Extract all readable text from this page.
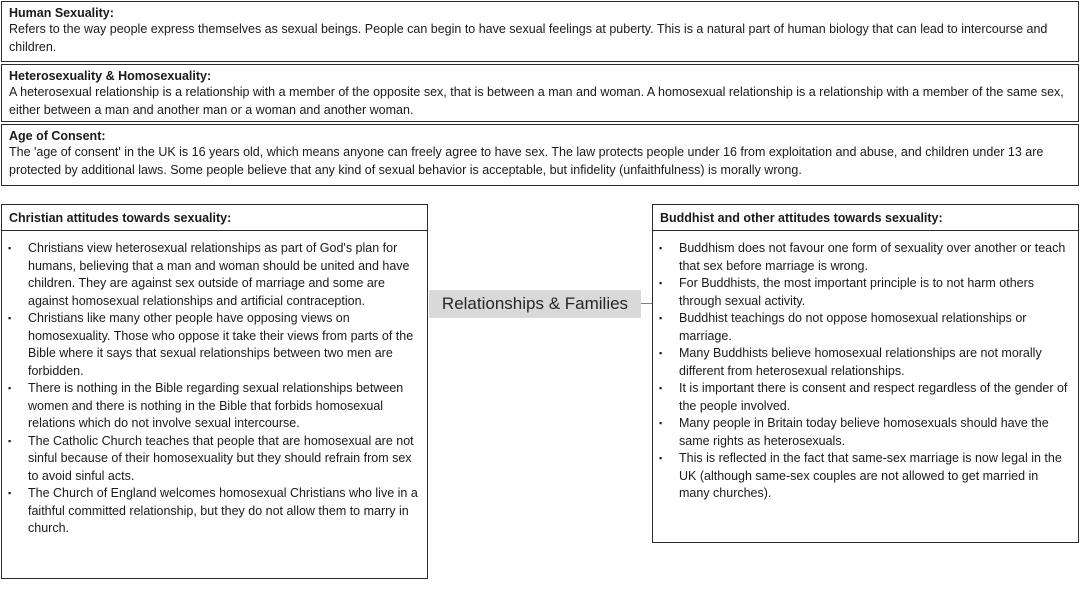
Human Sexuality:

Refers to the way people express themselves as sexual beings. People can begin to have sexual feelings at puberty. This is a natural part of human biology that can lead to intercourse and children.

Heterosexuality & Homosexuality:

A heterosexual relationship is a relationship with a member of the opposite sex, that is between a man and woman. A homosexual relationship is a relationship with a member of the same sex, either between a man and another man or a woman and another woman.

Age of Consent:

The 'age of consent' in the UK is 16 years old, which means anyone can freely agree to have sex. The law protects people under 16 from exploitation and abuse, and children under 13 are protected by additional laws. Some people believe that any kind of sexual behavior is acceptable, but infidelity (unfaithfulness) is morally wrong.

Christian attitudes towards sexuality:
▪ Christians view heterosexual relationships as part of God's plan for humans, believing that a man and woman should be united and have children. They are against sex outside of marriage and some are against homosexual relationships and artificial contraception.
▪ Christians like many other people have opposing views on homosexuality. Those who oppose it take their views from parts of the Bible where it says that sexual relationships between two men are forbidden.
▪ There is nothing in the Bible regarding sexual relationships between women and there is nothing in the Bible that forbids homosexual relations which do not involve sexual intercourse.
▪ The Catholic Church teaches that people that are homosexual are not sinful because of their homosexuality but they should refrain from sex to avoid sinful acts.
▪ The Church of England welcomes homosexual Christians who live in a faithful committed relationship, but they do not allow them to marry in church.
Relationships & Families
Buddhist and other attitudes towards sexuality:
▪ Buddhism does not favour one form of sexuality over another or teach that sex before marriage is wrong.
▪ For Buddhists, the most important principle is to not harm others through sexual activity.
▪ Buddhist teachings do not oppose homosexual relationships or marriage.
▪ Many Buddhists believe homosexual relationships are not morally different from heterosexual relationships.
▪ It is important there is consent and respect regardless of the gender of the people involved.
▪ Many people in Britain today believe homosexuals should have the same rights as heterosexuals.
▪ This is reflected in the fact that same-sex marriage is now legal in the UK (although same-sex couples are not allowed to get married in many churches).
